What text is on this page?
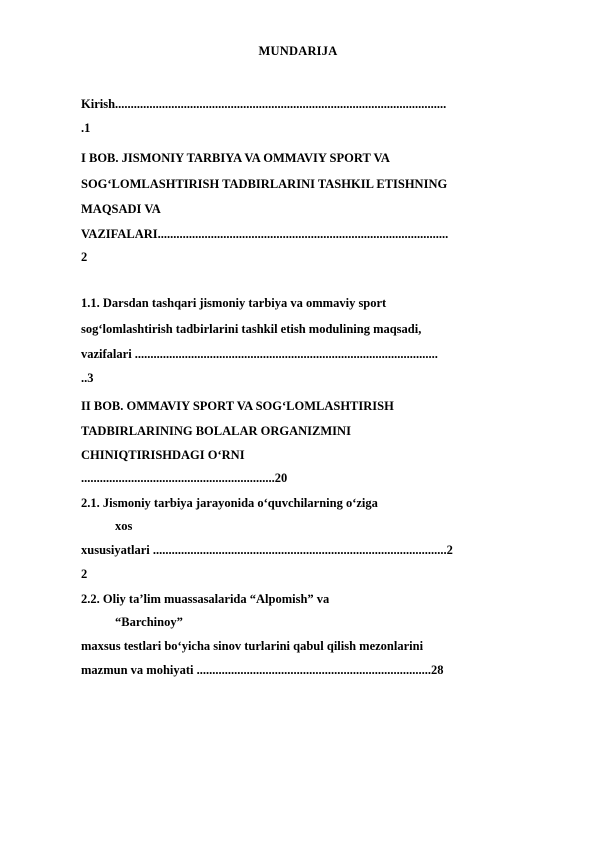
MUNDARIJA
Kirish..........................................................................................................
.1
I BOB. JISMONIY TARBIYA VA OMMAVIY SPORT VA
SOG‘LOMLASHTIRISH TADBIRLARINI TASHKIL ETISHNING
MAQSADI VA
VAZIFALARI.............................................................................................
2
1.1. Darsdan tashqari jismoniy tarbiya va ommaviy sport
sog‘lomlashtirish tadbirlarini tashkil etish modulining maqsadi,
vazifalari .................................................................................................
..3
II BOB. OMMAVIY SPORT VA SOG‘LOMLASHTIRISH
TADBIRLARINING BOLALAR ORGANIZMINI
CHINIQTIRISHDAGI O‘RNI
..............................................................20
2.1. Jismoniy tarbiya jarayonida o‘quvchilarning o‘ziga
xos
xususiyatlari ..............................................................................................2
2
2.2. Oliy ta’lim muassasalarida “Alpomish” va
“Barchinoy”
maxsus testlari bo‘yicha sinov turlarini qabul qilish mezonlarini
mazmun va mohiyati ...........................................................................28
